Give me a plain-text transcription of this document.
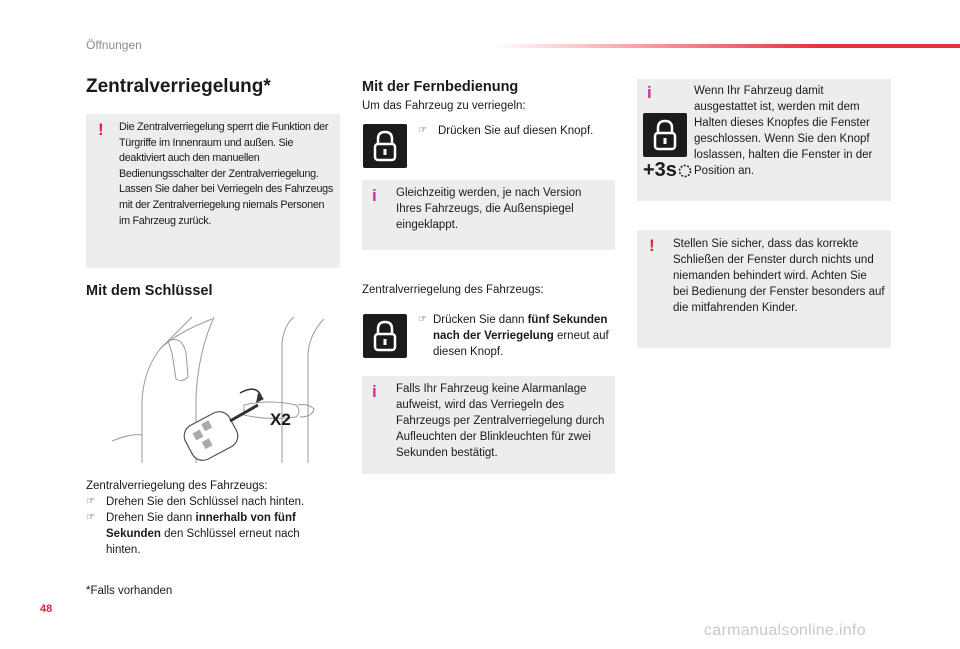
Öffnungen
Zentralverriegelung*
! Die Zentralverriegelung sperrt die Funktion der Türgriffe im Innenraum und außen. Sie deaktiviert auch den manuellen Bedienungsschalter der Zentralverriegelung. Lassen Sie daher bei Verriegeln des Fahrzeugs mit der Zentralverriegelung niemals Personen im Fahrzeug zurück.

Mit dem Schlüssel
X2

Zentralverriegelung des Fahrzeugs:

☞ Drehen Sie den Schlüssel nach hinten.
☞ Drehen Sie dann innerhalb von fünf Sekunden den Schlüssel erneut nach hinten.
*Falls vorhanden
Mit der Fernbedienung
Um das Fahrzeug zu verriegeln:
☞ Drücken Sie auf diesen Knopf.
i Gleichzeitig werden, je nach Version Ihres Fahrzeugs, die Außenspiegel eingeklappt.

Zentralverriegelung des Fahrzeugs:
☞ Drücken Sie dann fünf Sekunden nach der Verriegelung erneut auf diesen Knopf.
i Falls Ihr Fahrzeug keine Alarmanlage aufweist, wird das Verriegeln des Fahrzeugs per Zentralverriegelung durch Aufleuchten der Blinkleuchten für zwei Sekunden bestätigt.

i
+3s

Wenn Ihr Fahrzeug damit ausgestattet ist, werden mit dem Halten dieses Knopfes die Fenster geschlossen. Wenn Sie den Knopf loslassen, halten die Fenster in der Position an.

! Stellen Sie sicher, dass das korrekte Schließen der Fenster durch nichts und niemanden behindert wird. Achten Sie bei Bedienung der Fenster besonders auf die mitfahrenden Kinder.

48
carmanualsonline.info
